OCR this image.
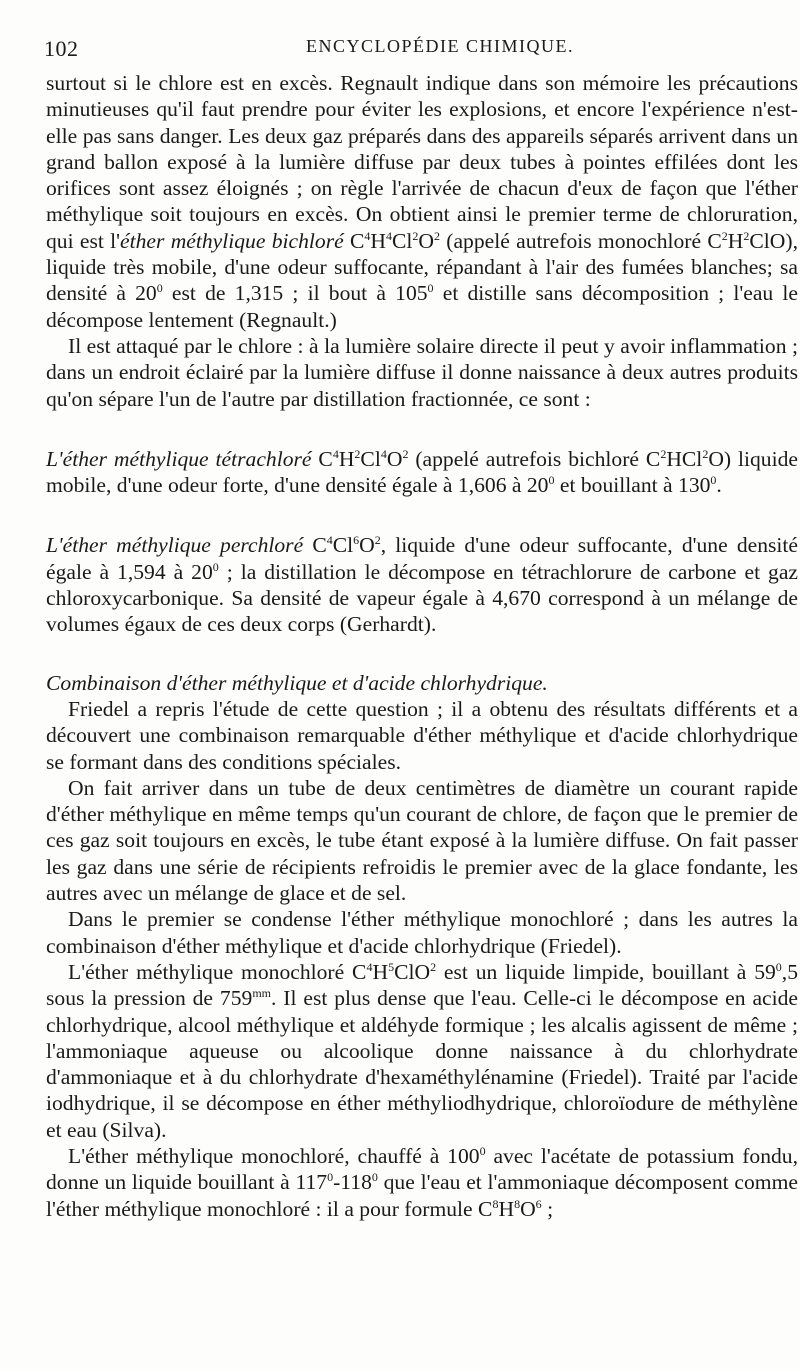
102	ENCYCLOPÉDIE CHIMIQUE.

surtout si le chlore est en excès. Regnault indique dans son mémoire les précautions minutieuses qu'il faut prendre pour éviter les explosions, et encore l'expérience n'est-elle pas sans danger. Les deux gaz préparés dans des appareils séparés arrivent dans un grand ballon exposé à la lumière diffuse par deux tubes à pointes effilées dont les orifices sont assez éloignés ; on règle l'arrivée de chacun d'eux de façon que l'éther méthylique soit toujours en excès. On obtient ainsi le premier terme de chloruration, qui est l'éther méthylique bichloré $C^4H^4Cl^2O^2$ (appelé autrefois monochloré $C^2H^2ClO$), liquide très mobile, d'une odeur suffocante, répandant à l'air des fumées blanches; sa densité à $20^0$ est de 1,315 ; il bout à $105^0$ et distille sans décomposition ; l'eau le décompose lentement (Regnault.)

Il est attaqué par le chlore : à la lumière solaire directe il peut y avoir inflammation ; dans un endroit éclairé par la lumière diffuse il donne naissance à deux autres produits qu'on sépare l'un de l'autre par distillation fractionnée, ce sont :

L'éther méthylique tétrachloré $C^4H^2Cl^4O^2$ (appelé autrefois bichloré $C^2HCl^2O$) liquide mobile, d'une odeur forte, d'une densité égale à 1,606 à $20^0$ et bouillant à $130^0$.

L'éther méthylique perchloré $C^4Cl^6O^2$, liquide d'une odeur suffocante, d'une densité égale à 1,594 à $20^0$ ; la distillation le décompose en tétrachlorure de carbone et gaz chloroxycarbonique. Sa densité de vapeur égale à 4,670 correspond à un mélange de volumes égaux de ces deux corps (Gerhardt).

Combinaison d'éther méthylique et d'acide chlorhydrique.

Friedel a repris l'étude de cette question ; il a obtenu des résultats différents et a découvert une combinaison remarquable d'éther méthylique et d'acide chlorhydrique se formant dans des conditions spéciales.

On fait arriver dans un tube de deux centimètres de diamètre un courant rapide d'éther méthylique en même temps qu'un courant de chlore, de façon que le premier de ces gaz soit toujours en excès, le tube étant exposé à la lumière diffuse. On fait passer les gaz dans une série de récipients refroidis le premier avec de la glace fondante, les autres avec un mélange de glace et de sel.

Dans le premier se condense l'éther méthylique monochloré ; dans les autres la combinaison d'éther méthylique et d'acide chlorhydrique (Friedel).

L'éther méthylique monochloré $C^4H^5ClO^2$ est un liquide limpide, bouillant à $59^0,5$ sous la pression de $759^{mm}$. Il est plus dense que l'eau. Celle-ci le décompose en acide chlorhydrique, alcool méthylique et aldéhyde formique ; les alcalis agissent de même ; l'ammoniaque aqueuse ou alcoolique donne naissance à du chlorhydrate d'ammoniaque et à du chlorhydrate d'hexaméthylénamine (Friedel). Traité par l'acide iodhydrique, il se décompose en éther méthyliodhydrique, chloroïodure de méthylène et eau (Silva).

L'éther méthylique monochloré, chauffé à $100^0$ avec l'acétate de potassium fondu, donne un liquide bouillant à $117^0-118^0$ que l'eau et l'ammoniaque décomposent comme l'éther méthylique monochloré : il a pour formule $C^8H^8O^6$ ;
